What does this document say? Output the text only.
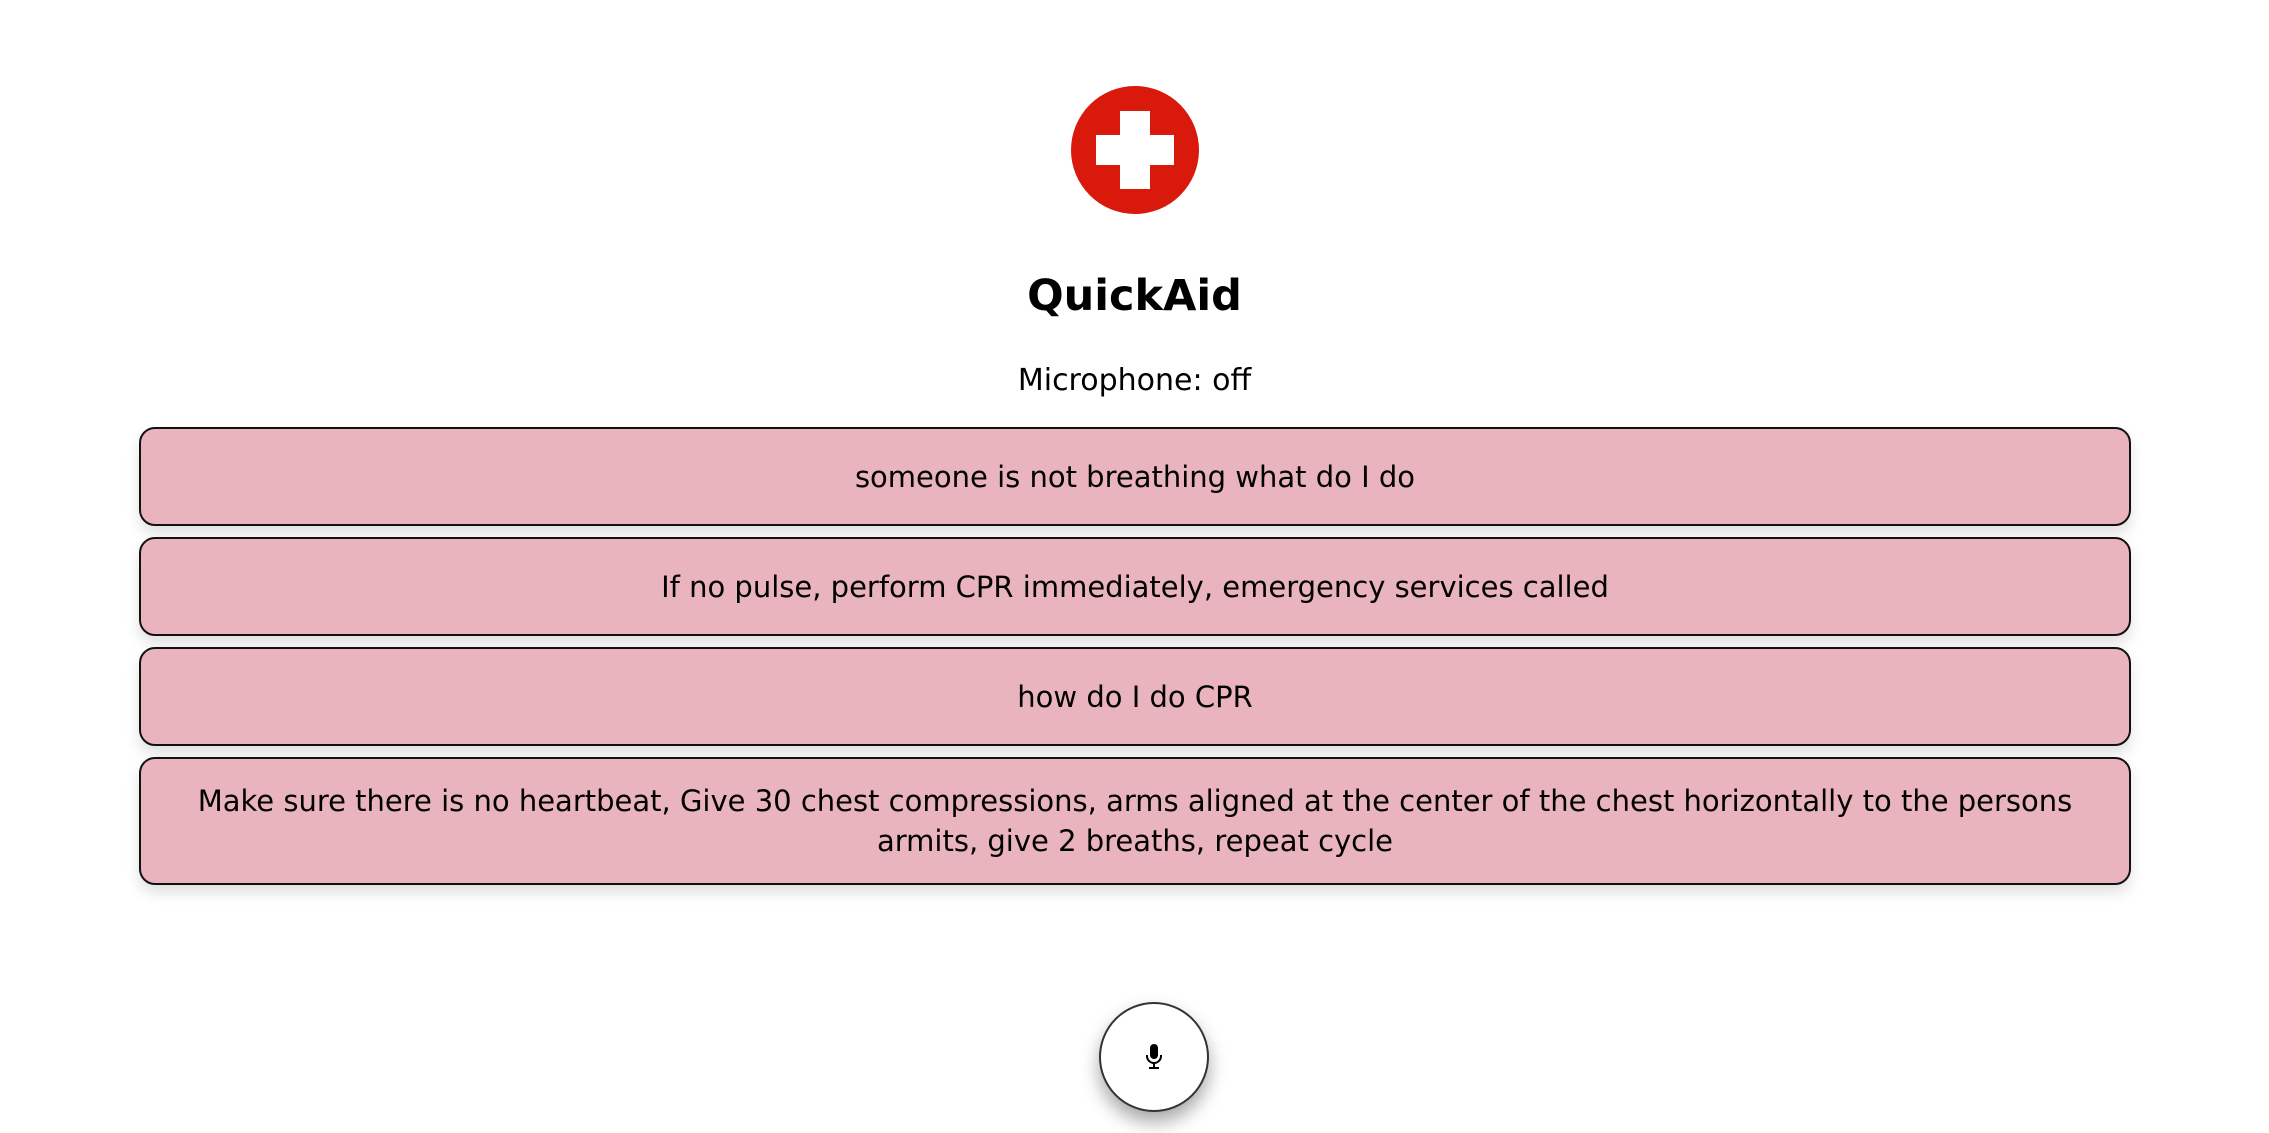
QuickAid

Microphone: off

someone is not breathing what do I do
If no pulse, perform CPR immediately, emergency services called
how do I do CPR
Make sure there is no heartbeat, Give 30 chest compressions, arms aligned at the center of the chest horizontally to the persons armits, give 2 breaths, repeat cycle
